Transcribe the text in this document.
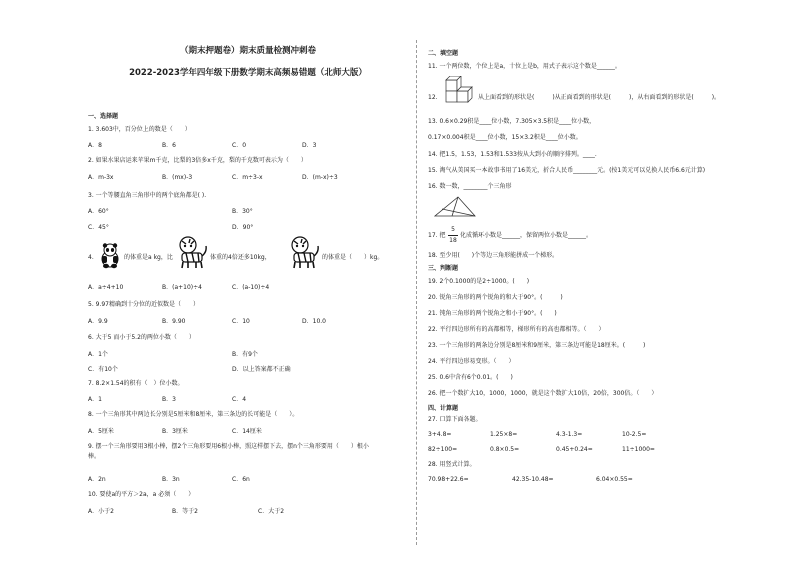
（期末押题卷）期末质量检测冲刺卷
2022-2023学年四年级下册数学期末高频易错题（北师大版）
一、选择题
1. 3.603中，百分位上的数是（　　）
A．8	B．6	C．0	D．3
2. 如果水果店运来苹果m千克，比梨的3倍多x千克，梨的千克数可表示为（　　）
A．m-3x	B．(mx)-3	C．m÷3-x	D．(m-x)÷3
3. 一个等腰直角三角形中的两个底角都是( ).
A．60°	B．30°
C．45°	D．90°
4.	的体重是a kg，比	体重的4倍还多10kg，	的体重是（　　）kg。
A．a÷4+10	B．(a+10)÷4	C．(a-10)÷4
5. 9.97精确到十分位的近似数是（　　）
A．9.9	B．9.90	C．10	D．10.0
6. 大于5 而小于5.2的两位小数（　　）
A．1个	B．有9个
C．有10个	D．以上答案都不正确
7. 8.2×1.54的积有（　）位小数。
A．1	B．3	C．4
8. 一个三角形其中两边长分别是5厘米和8厘米，第三条边的长可能是（　　）。
A．5厘米	B．3厘米	C．14厘米
9. 摆一个三角形要用3根小棒，摆2个三角形要用6根小棒，照这样摆下去，摆n个三角形要用（　　）根小
棒。
A．2n	B．3n	C．6n
10. 要使a的平方＞2a，a 必须（　　）
A．小于2	B．等于2	C．大于2
二、填空题
11. 一个两位数，个位上是a，十位上是b，用式子表示这个数是______。
12.	从上面看到的形状是(　　　)从正面看到的形状是(　　　)，从右面看到的形状是(　　　)。
13. 0.6×0.29积是____位小数，7.305×3.5积是____位小数，
0.17×0.004积是____位小数，15×3.2积是____位小数。
14. 把1.5，1.53，1.53和1.533按从大到小的顺序排列。____.
15. 淘气从美国买一本故事书用了16美元，折合人民币________元。(按1美元可以兑换人民币6.6元计算)
16. 数一数，________个三角形
17. 把
5
18
化成循环小数是______，保留两位小数是______。
18. 至少用(　　)个等边三角形能拼成一个梯形。
三、判断题
19. 2个0.1000的是2÷1000。(　　)
20. 锐角三角形的两个锐角的和大于90°。(　　　)
21. 钝角三角形的两个锐角之和小于90°。(　　)
22. 平行四边形所有的高都相等，梯形所有的高也都相等。（　　）
23. 一个三角形的两条边分别是8厘米和9厘米，第三条边可能是18厘米。(　　　)
24. 平行四边形易变形。（　　）
25. 0.6中含有6个0.01。(　　)
26. 把一个数扩大10，1000，1000，就是这个数扩大10倍，20倍，300倍。（　　）
四、计算题
27. 口算下面各题。
3+4.8=	1.25×8=	4.3-1.3=	10-2.5=
82÷100=	0.8×0.5=	0.45+0.24=	11÷1000=
28. 用竖式计算。
70.98+22.6=	42.35-10.48=	6.04×0.55=
